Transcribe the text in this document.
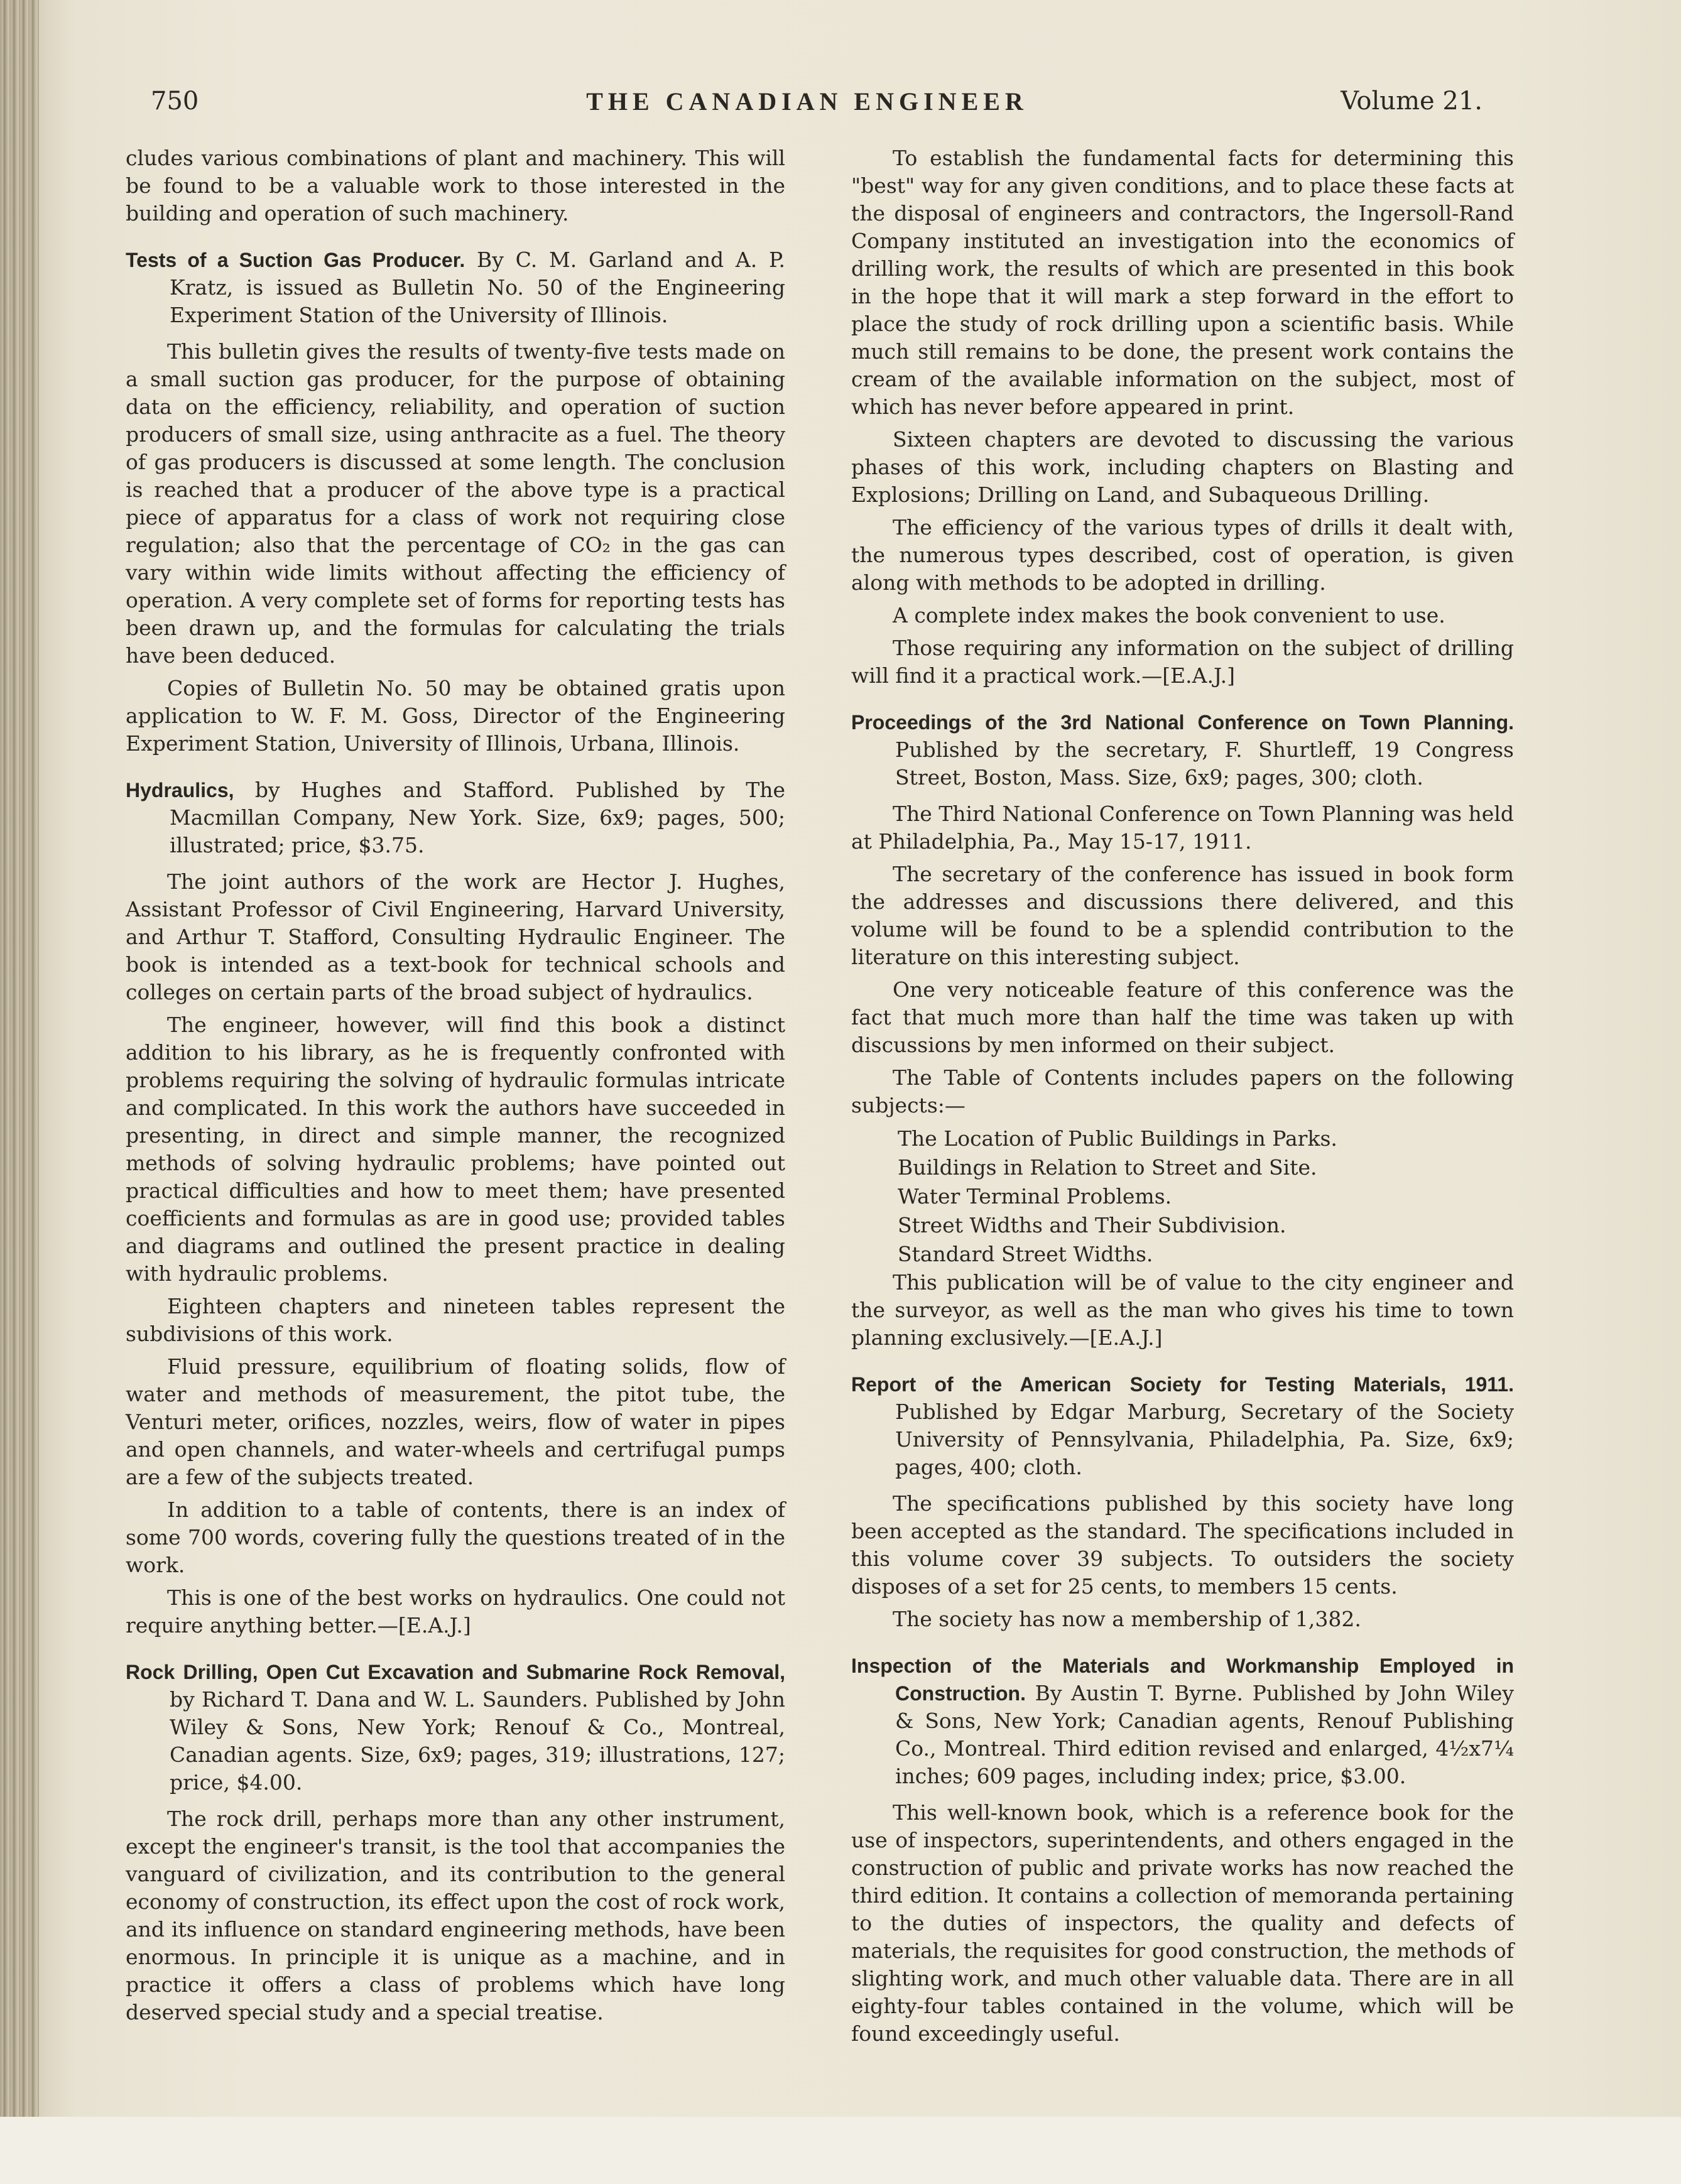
750	THE CANADIAN ENGINEER	Volume 21.

cludes various combinations of plant and machinery. This will be found to be a valuable work to those interested in the building and operation of such machinery.

Tests of a Suction Gas Producer. By C. M. Garland and A. P. Kratz, is issued as Bulletin No. 50 of the Engineering Experiment Station of the University of Illinois.

This bulletin gives the results of twenty-five tests made on a small suction gas producer, for the purpose of obtaining data on the efficiency, reliability, and operation of suction producers of small size, using anthracite as a fuel. The theory of gas producers is discussed at some length. The conclusion is reached that a producer of the above type is a practical piece of apparatus for a class of work not requiring close regulation; also that the percentage of CO₂ in the gas can vary within wide limits without affecting the efficiency of operation. A very complete set of forms for reporting tests has been drawn up, and the formulas for calculating the trials have been deduced.

Copies of Bulletin No. 50 may be obtained gratis upon application to W. F. M. Goss, Director of the Engineering Experiment Station, University of Illinois, Urbana, Illinois.

Hydraulics, by Hughes and Stafford. Published by The Macmillan Company, New York. Size, 6x9; pages, 500; illustrated; price, $3.75.

The joint authors of the work are Hector J. Hughes, Assistant Professor of Civil Engineering, Harvard University, and Arthur T. Stafford, Consulting Hydraulic Engineer. The book is intended as a text-book for technical schools and colleges on certain parts of the broad subject of hydraulics.

The engineer, however, will find this book a distinct addition to his library, as he is frequently confronted with problems requiring the solving of hydraulic formulas intricate and complicated. In this work the authors have succeeded in presenting, in direct and simple manner, the recognized methods of solving hydraulic problems; have pointed out practical difficulties and how to meet them; have presented coefficients and formulas as are in good use; provided tables and diagrams and outlined the present practice in dealing with hydraulic problems.

Eighteen chapters and nineteen tables represent the subdivisions of this work.

Fluid pressure, equilibrium of floating solids, flow of water and methods of measurement, the pitot tube, the Venturi meter, orifices, nozzles, weirs, flow of water in pipes and open channels, and water-wheels and certrifugal pumps are a few of the subjects treated.

In addition to a table of contents, there is an index of some 700 words, covering fully the questions treated of in the work.

This is one of the best works on hydraulics. One could not require anything better.—[E.A.J.]

Rock Drilling, Open Cut Excavation and Submarine Rock Removal, by Richard T. Dana and W. L. Saunders. Published by John Wiley & Sons, New York; Renouf & Co., Montreal, Canadian agents. Size, 6x9; pages, 319; illustrations, 127; price, $4.00.

The rock drill, perhaps more than any other instrument, except the engineer's transit, is the tool that accompanies the vanguard of civilization, and its contribution to the general economy of construction, its effect upon the cost of rock work, and its influence on standard engineering methods, have been enormous. In principle it is unique as a machine, and in practice it offers a class of problems which have long deserved special study and a special treatise.

To establish the fundamental facts for determining this "best" way for any given conditions, and to place these facts at the disposal of engineers and contractors, the Ingersoll-Rand Company instituted an investigation into the economics of drilling work, the results of which are presented in this book in the hope that it will mark a step forward in the effort to place the study of rock drilling upon a scientific basis. While much still remains to be done, the present work contains the cream of the available information on the subject, most of which has never before appeared in print.

Sixteen chapters are devoted to discussing the various phases of this work, including chapters on Blasting and Explosions; Drilling on Land, and Subaqueous Drilling.

The efficiency of the various types of drills it dealt with, the numerous types described, cost of operation, is given along with methods to be adopted in drilling.

A complete index makes the book convenient to use.

Those requiring any information on the subject of drilling will find it a practical work.—[E.A.J.]

Proceedings of the 3rd National Conference on Town Planning. Published by the secretary, F. Shurtleff, 19 Congress Street, Boston, Mass. Size, 6x9; pages, 300; cloth.

The Third National Conference on Town Planning was held at Philadelphia, Pa., May 15-17, 1911.

The secretary of the conference has issued in book form the addresses and discussions there delivered, and this volume will be found to be a splendid contribution to the literature on this interesting subject.

One very noticeable feature of this conference was the fact that much more than half the time was taken up with discussions by men informed on their subject.

The Table of Contents includes papers on the following subjects:—

The Location of Public Buildings in Parks.
Buildings in Relation to Street and Site.
Water Terminal Problems.
Street Widths and Their Subdivision.
Standard Street Widths.

This publication will be of value to the city engineer and the surveyor, as well as the man who gives his time to town planning exclusively.—[E.A.J.]

Report of the American Society for Testing Materials, 1911. Published by Edgar Marburg, Secretary of the Society University of Pennsylvania, Philadelphia, Pa. Size, 6x9; pages, 400; cloth.

The specifications published by this society have long been accepted as the standard. The specifications included in this volume cover 39 subjects. To outsiders the society disposes of a set for 25 cents, to members 15 cents.

The society has now a membership of 1,382.

Inspection of the Materials and Workmanship Employed in Construction. By Austin T. Byrne. Published by John Wiley & Sons, New York; Canadian agents, Renouf Publishing Co., Montreal. Third edition revised and enlarged, 4½x7¼ inches; 609 pages, including index; price, $3.00.

This well-known book, which is a reference book for the use of inspectors, superintendents, and others engaged in the construction of public and private works has now reached the third edition. It contains a collection of memoranda pertaining to the duties of inspectors, the quality and defects of materials, the requisites for good construction, the methods of slighting work, and much other valuable data. There are in all eighty-four tables contained in the volume, which will be found exceedingly useful.
